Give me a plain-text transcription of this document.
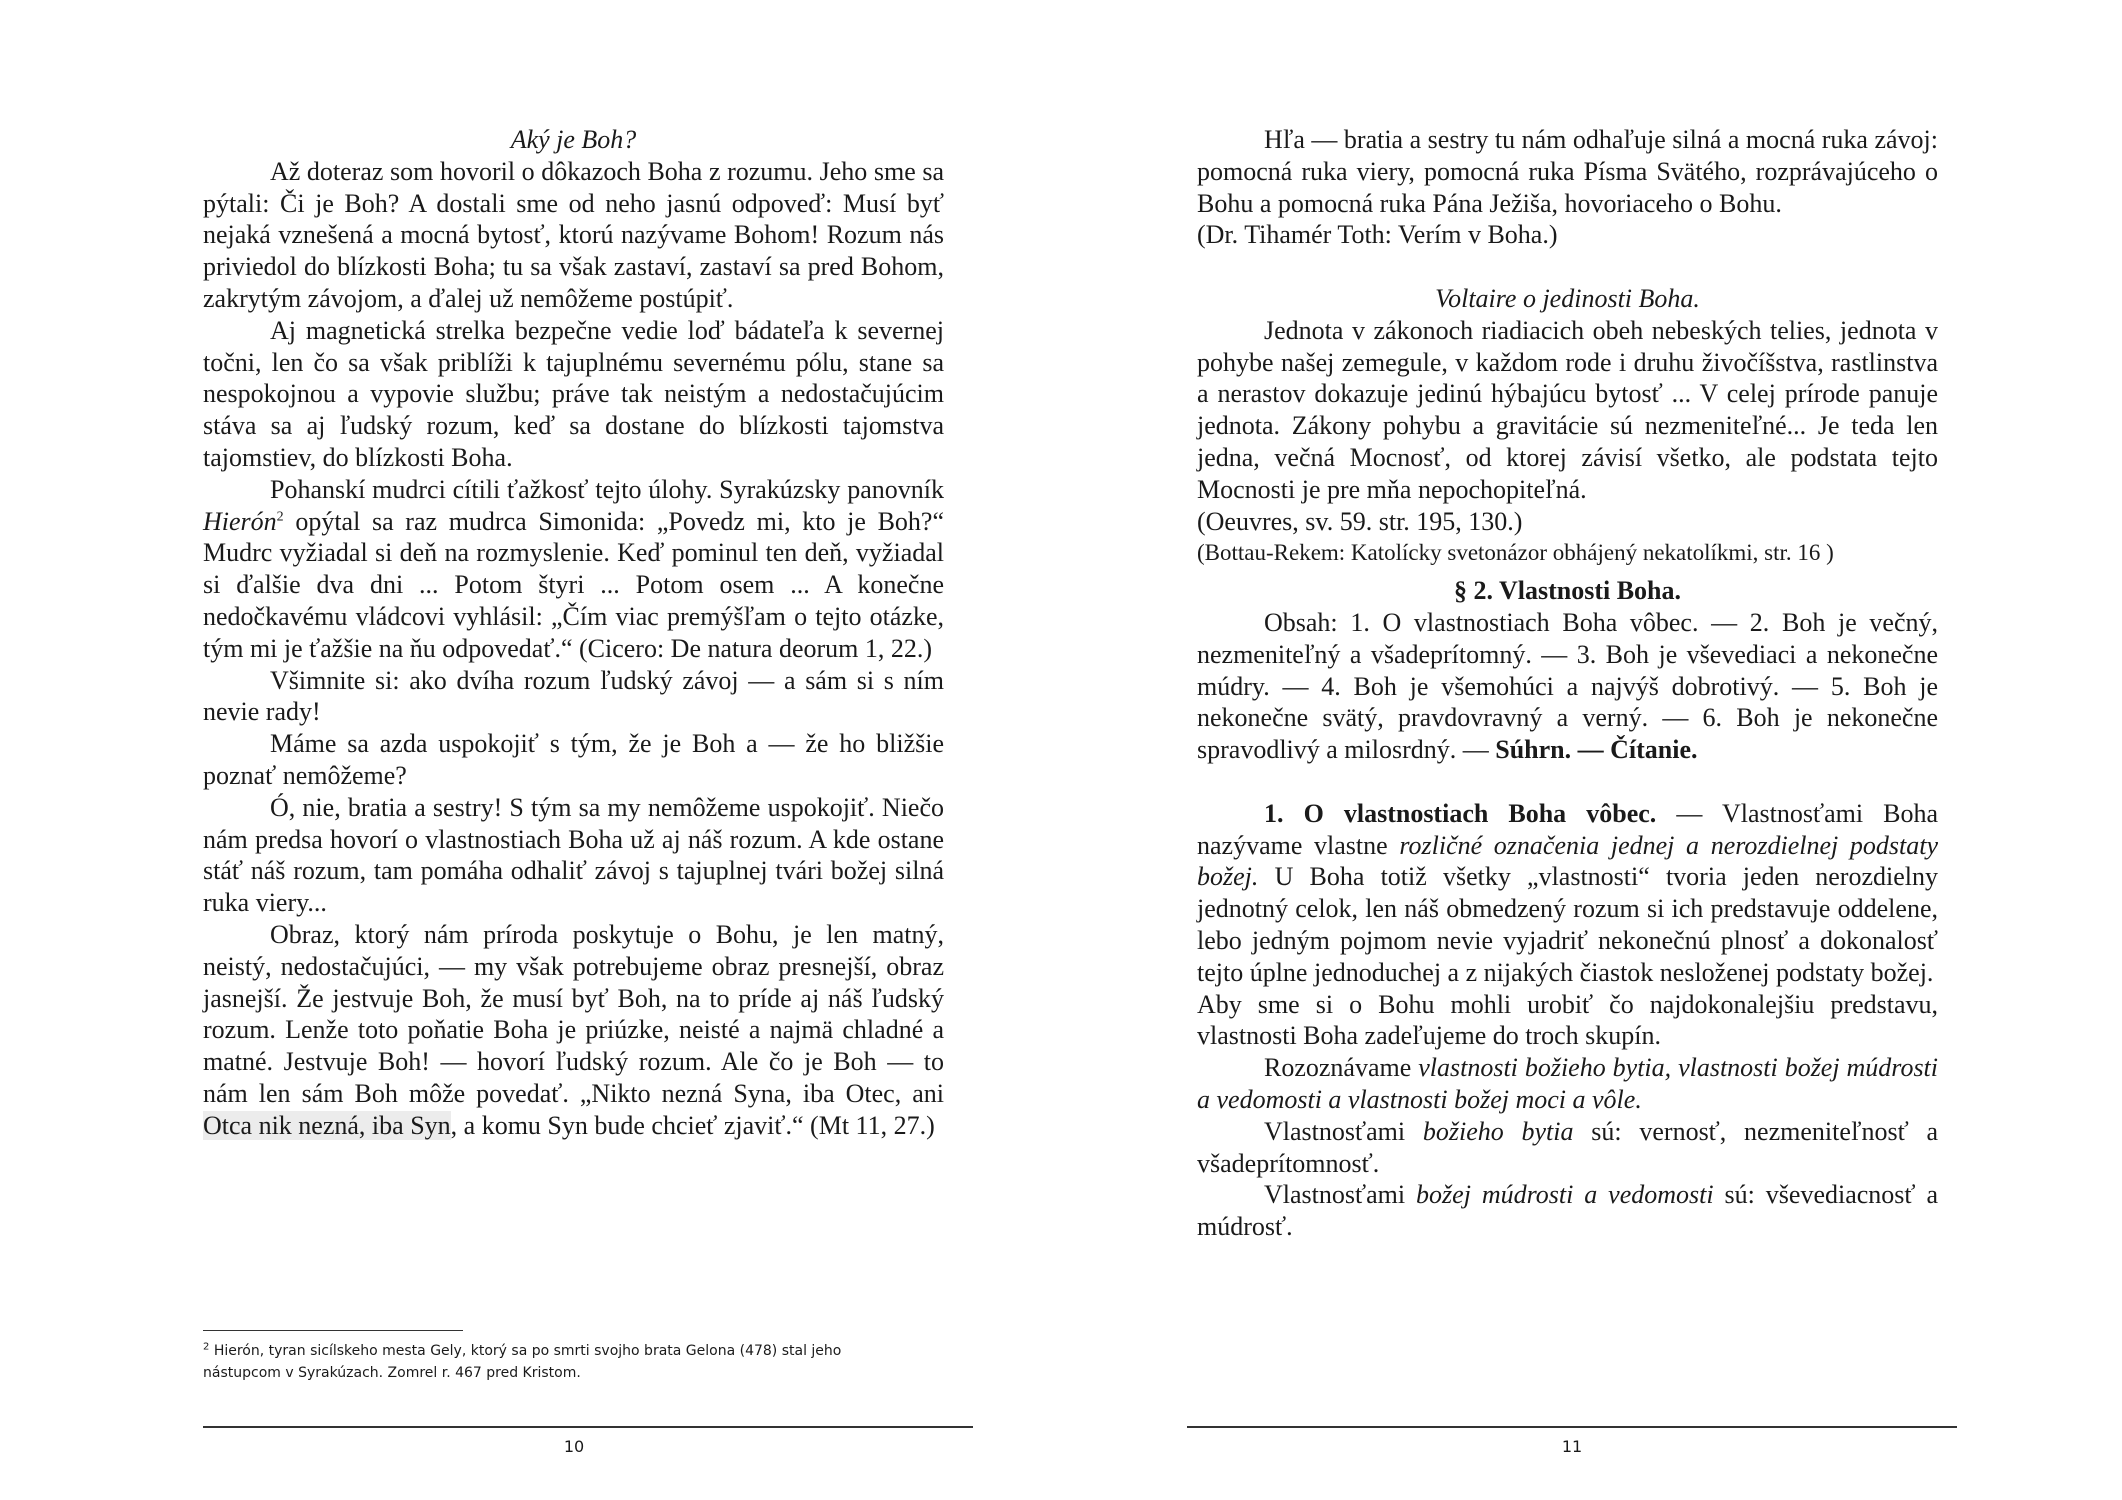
Aký je Boh?

Až doteraz som hovoril o dôkazoch Boha z rozumu. Jeho sme sa pýtali: Či je Boh? A dostali sme od neho jasnú odpoveď: Musí byť nejaká vznešená a mocná bytosť, ktorú nazývame Bohom! Rozum nás priviedol do blízkosti Boha; tu sa však zastaví, zastaví sa pred Bohom, zakrytým závojom, a ďalej už nemôžeme postúpiť.

Aj magnetická strelka bezpečne vedie loď bádateľa k severnej točni, len čo sa však priblíži k tajuplnému severnému pólu, stane sa nespokojnou a vypovie službu; práve tak neistým a nedostačujúcim stáva sa aj ľudský rozum, keď sa dostane do blízkosti tajomstva tajomstiev, do blízkosti Boha.

Pohanskí mudrci cítili ťažkosť tejto úlohy. Syrakúzsky panovník Hierón$^2$ opýtal sa raz mudrca Simonida: „Povedz mi, kto je Boh?“ Mudrc vyžiadal si deň na rozmyslenie. Keď pominul ten deň, vyžiadal si ďalšie dva dni ... Potom štyri ... Potom osem ... A konečne nedočkavému vládcovi vyhlásil: „Čím viac premýšľam o tejto otázke, tým mi je ťažšie na ňu odpovedať.“ (Cicero: De natura deorum 1, 22.)

Všimnite si: ako dvíha rozum ľudský závoj — a sám si s ním nevie rady!

Máme sa azda uspokojiť s tým, že je Boh a — že ho bližšie poznať nemôžeme?

Ó, nie, bratia a sestry! S tým sa my nemôžeme uspokojiť. Niečo nám predsa hovorí o vlastnostiach Boha už aj náš rozum. A kde ostane stáť náš rozum, tam pomáha odhaliť závoj s tajuplnej tvári božej silná ruka viery...

Obraz, ktorý nám príroda poskytuje o Bohu, je len matný, neistý, nedostačujúci, — my však potrebujeme obraz presnejší, obraz jasnejší. Že jestvuje Boh, že musí byť Boh, na to príde aj náš ľudský rozum. Lenže toto poňatie Boha je priúzke, neisté a najmä chladné a matné. Jestvuje Boh! — hovorí ľudský rozum. Ale čo je Boh — to nám len sám Boh môže povedať. „Nikto nezná Syna, iba Otec, ani Otca nik nezná, iba Syn, a komu Syn bude chcieť zjaviť.“ (Mt 11, 27.)

$^2$ Hierón, tyran sicílskeho mesta Gely, ktorý sa po smrti svojho brata Gelona (478) stal jeho nástupcom v Syrakúzach. Zomrel r. 467 pred Kristom.

10

Hľa — bratia a sestry tu nám odhaľuje silná a mocná ruka závoj: pomocná ruka viery, pomocná ruka Písma Svätého, rozprávajúceho o Bohu a pomocná ruka Pána Ježiša, hovoriaceho o Bohu.

(Dr. Tihamér Toth: Verím v Boha.)

Voltaire o jedinosti Boha.

Jednota v zákonoch riadiacich obeh nebeských telies, jednota v pohybe našej zemegule, v každom rode i druhu živočíšstva, rastlinstva a nerastov dokazuje jedinú hýbajúcu bytosť ... V celej prírode panuje jednota. Zákony pohybu a gravitácie sú nezmeniteľné... Je teda len jedna, večná Mocnosť, od ktorej závisí všetko, ale podstata tejto Mocnosti je pre mňa nepochopiteľná.

(Oeuvres, sv. 59. str. 195, 130.)

(Bottau-Rekem: Katolícky svetonázor obhájený nekatolíkmi, str. 16 )

§ 2. Vlastnosti Boha.

Obsah: 1. O vlastnostiach Boha vôbec. — 2. Boh je večný, nezmeniteľný a všadeprítomný. — 3. Boh je vševediaci a nekonečne múdry. — 4. Boh je všemohúci a najvýš dobrotivý. — 5. Boh je nekonečne svätý, pravdovravný a verný. — 6. Boh je nekonečne spravodlivý a milosrdný. — Súhrn. — Čítanie.

1. O vlastnostiach Boha vôbec. — Vlastnosťami Boha nazývame vlastne rozličné označenia jednej a nerozdielnej podstaty božej. U Boha totiž všetky „vlastnosti“ tvoria jeden nerozdielny jednotný celok, len náš obmedzený rozum si ich predstavuje oddelene, lebo jedným pojmom nevie vyjadriť nekonečnú plnosť a dokonalosť tejto úplne jednoduchej a z nijakých čiastok nesloženej podstaty božej.

Aby sme si o Bohu mohli urobiť čo najdokonalejšiu predstavu, vlastnosti Boha zadeľujeme do troch skupín.

Rozoznávame vlastnosti božieho bytia, vlastnosti božej múdrosti a vedomosti a vlastnosti božej moci a vôle.

Vlastnosťami božieho bytia sú: vernosť, nezmeniteľnosť a všadeprítomnosť.

Vlastnosťami božej múdrosti a vedomosti sú: vševediacnosť a múdrosť.

11
